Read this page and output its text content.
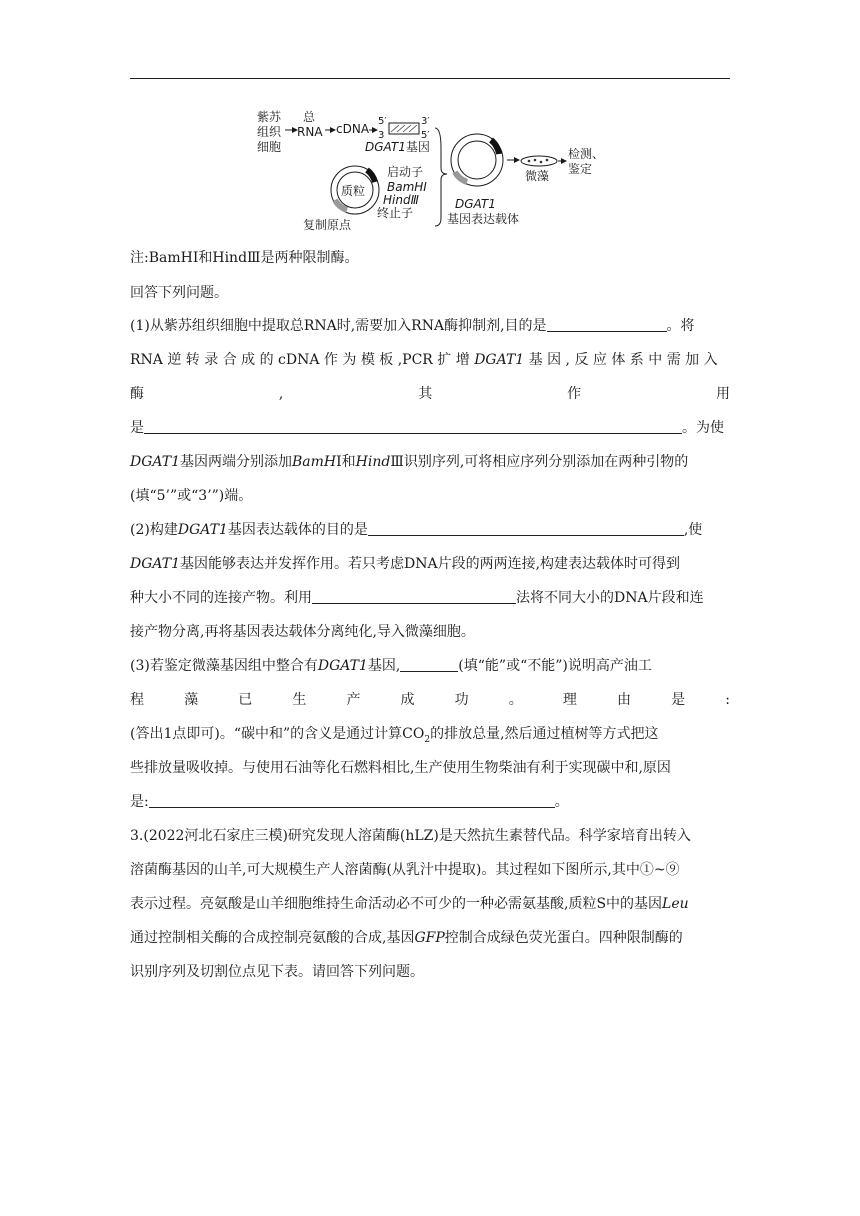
紫苏
组织
细胞
总
RNA cDNA
5′
3
3′
5′
DGAT1基因
质粒
启动子
BamHⅠ
HindⅢ
终止子
复制原点
DGAT1
基因表达载体
微藻
检测、
鉴定

注:BamHⅠ和HindⅢ是两种限制酶。

回答下列问题。

(1)从紫苏组织细胞中提取总RNA时,需要加入RNA酶抑制剂,目的是	。将

RNA 逆 转 录 合 成 的 cDNA 作 为 模 板 ,PCR 扩 增 DGAT1 基 因 , 反 应 体 系 中 需 加 入

酶	,	其	作	用

是	。为使

DGAT1基因两端分别添加BamHⅠ和HindⅢ识别序列,可将相应序列分别添加在两种引物的

(填“5’”或“3’”)端。

(2)构建DGAT1基因表达载体的目的是	,使

DGAT1基因能够表达并发挥作用。若只考虑DNA片段的两两连接,构建表达载体时可得到

种大小不同的连接产物。利用	法将不同大小的DNA片段和连

接产物分离,再将基因表达载体分离纯化,导入微藻细胞。

(3)若鉴定微藻基因组中整合有DGAT1基因,	(填“能”或“不能”)说明高产油工

程	藻	已	生	产	成	功	。	理	由	是	:

(答出1点即可)。“碳中和”的含义是通过计算$CO_2$的排放总量,然后通过植树等方式把这

些排放量吸收掉。与使用石油等化石燃料相比,生产使用生物柴油有利于实现碳中和,原因

是:	。

3.(2022河北石家庄三模)研究发现人溶菌酶(hLZ)是天然抗生素替代品。科学家培育出转入

溶菌酶基因的山羊,可大规模生产人溶菌酶(从乳汁中提取)。其过程如下图所示,其中①~⑨

表示过程。亮氨酸是山羊细胞维持生命活动必不可少的一种必需氨基酸,质粒S中的基因Leu

通过控制相关酶的合成控制亮氨酸的合成,基因GFP控制合成绿色荧光蛋白。四种限制酶的

识别序列及切割位点见下表。请回答下列问题。
